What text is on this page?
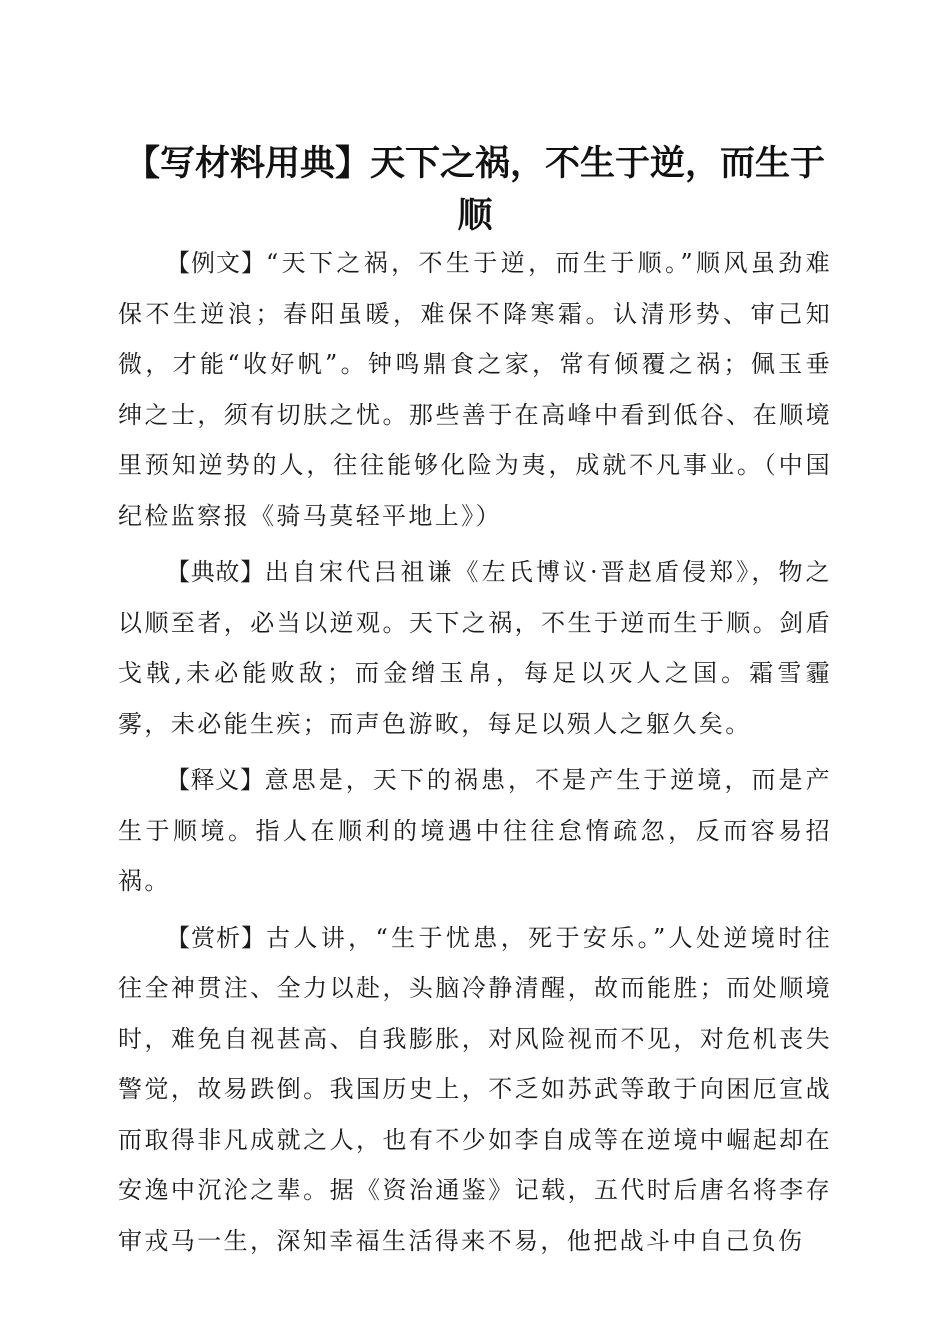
【写材料用典】天下之祸，不生于逆，而生于顺

【例文】“天下之祸，不生于逆，而生于顺。”顺风虽劲难保不生逆浪；春阳虽暖，难保不降寒霜。认清形势、审己知微，才能“收好帆”。钟鸣鼎食之家，常有倾覆之祸；佩玉垂绅之士，须有切肤之忧。那些善于在高峰中看到低谷、在顺境里预知逆势的人，往往能够化险为夷，成就不凡事业。（中国纪检监察报《骑马莫轻平地上》）

【典故】出自宋代吕祖谦《左氏博议·晋赵盾侵郑》，物之以顺至者，必当以逆观。天下之祸，不生于逆而生于顺。剑盾戈戟,未必能败敌；而金缯玉帛，每足以灭人之国。霜雪霾雾，未必能生疾；而声色游畋，每足以殒人之躯久矣。

【释义】意思是，天下的祸患，不是产生于逆境，而是产生于顺境。指人在顺利的境遇中往往怠惰疏忽，反而容易招祸。

【赏析】古人讲，“生于忧患，死于安乐。”人处逆境时往往全神贯注、全力以赴，头脑冷静清醒，故而能胜；而处顺境时，难免自视甚高、自我膨胀，对风险视而不见，对危机丧失警觉，故易跌倒。我国历史上，不乏如苏武等敢于向困厄宣战而取得非凡成就之人，也有不少如李自成等在逆境中崛起却在安逸中沉沦之辈。据《资治通鉴》记载，五代时后唐名将李存审戎马一生，深知幸福生活得来不易，他把战斗中自己负伤
